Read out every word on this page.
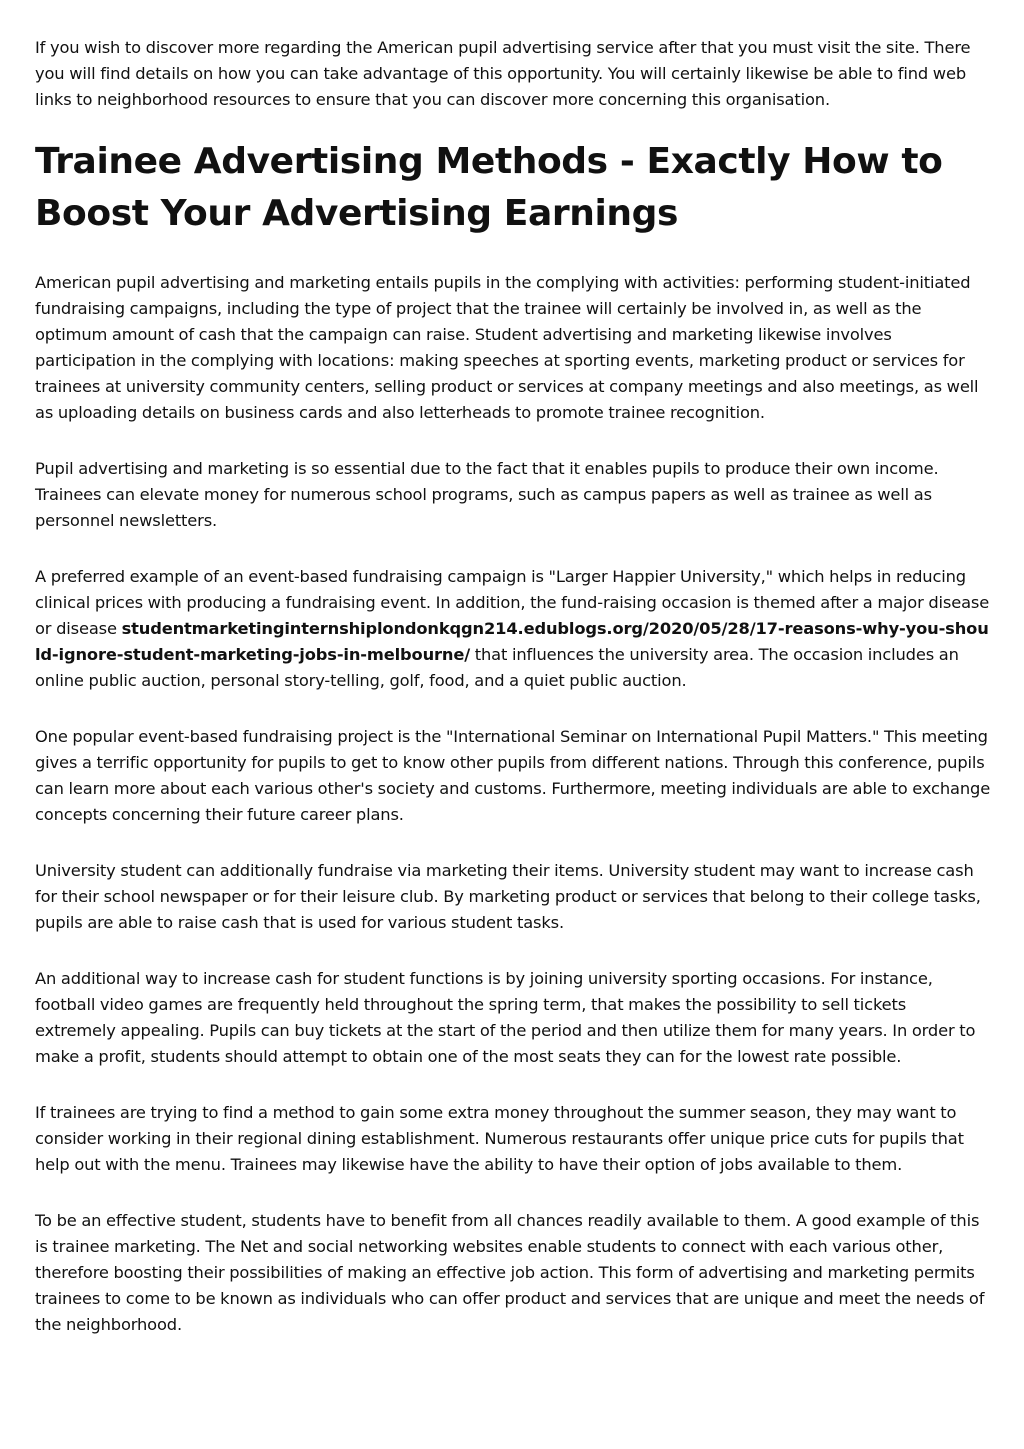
If you wish to discover more regarding the American pupil advertising service after that you must visit the site. There you will find details on how you can take advantage of this opportunity. You will certainly likewise be able to find web links to neighborhood resources to ensure that you can discover more concerning this organisation.

Trainee Advertising Methods - Exactly How to Boost Your Advertising Earnings

American pupil advertising and marketing entails pupils in the complying with activities: performing student-initiated fundraising campaigns, including the type of project that the trainee will certainly be involved in, as well as the optimum amount of cash that the campaign can raise. Student advertising and marketing likewise involves participation in the complying with locations: making speeches at sporting events, marketing product or services for trainees at university community centers, selling product or services at company meetings and also meetings, as well as uploading details on business cards and also letterheads to promote trainee recognition.

Pupil advertising and marketing is so essential due to the fact that it enables pupils to produce their own income. Trainees can elevate money for numerous school programs, such as campus papers as well as trainee as well as personnel newsletters.

A preferred example of an event-based fundraising campaign is "Larger Happier University," which helps in reducing clinical prices with producing a fundraising event. In addition, the fund-raising occasion is themed after a major disease or disease studentmarketinginternshiplondonkqgn214.edublogs.org/2020/05/28/17-reasons-why-you-should-ignore-student-marketing-jobs-in-melbourne/ that influences the university area. The occasion includes an online public auction, personal story-telling, golf, food, and a quiet public auction.

One popular event-based fundraising project is the "International Seminar on International Pupil Matters." This meeting gives a terrific opportunity for pupils to get to know other pupils from different nations. Through this conference, pupils can learn more about each various other's society and customs. Furthermore, meeting individuals are able to exchange concepts concerning their future career plans.

University student can additionally fundraise via marketing their items. University student may want to increase cash for their school newspaper or for their leisure club. By marketing product or services that belong to their college tasks, pupils are able to raise cash that is used for various student tasks.

An additional way to increase cash for student functions is by joining university sporting occasions. For instance, football video games are frequently held throughout the spring term, that makes the possibility to sell tickets extremely appealing. Pupils can buy tickets at the start of the period and then utilize them for many years. In order to make a profit, students should attempt to obtain one of the most seats they can for the lowest rate possible.

If trainees are trying to find a method to gain some extra money throughout the summer season, they may want to consider working in their regional dining establishment. Numerous restaurants offer unique price cuts for pupils that help out with the menu. Trainees may likewise have the ability to have their option of jobs available to them.

To be an effective student, students have to benefit from all chances readily available to them. A good example of this is trainee marketing. The Net and social networking websites enable students to connect with each various other, therefore boosting their possibilities of making an effective job action. This form of advertising and marketing permits trainees to come to be known as individuals who can offer product and services that are unique and meet the needs of the neighborhood.
